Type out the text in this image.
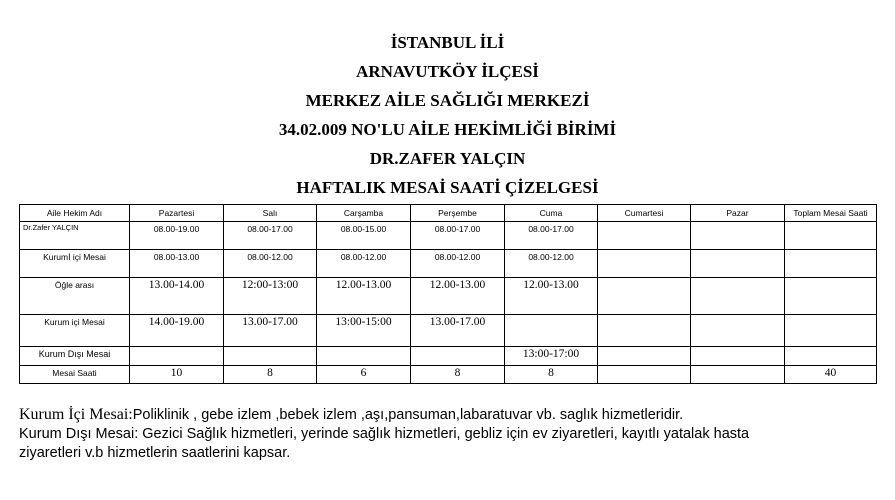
İSTANBUL İLİ
ARNAVUTKÖY İLÇESİ
MERKEZ AİLE SAĞLIĞI MERKEZİ
34.02.009 NO'LU AİLE HEKİMLİĞİ BİRİMİ
DR.ZAFER YALÇIN
HAFTALIK MESAİ SAATİ ÇİZELGESİ
Aile Hekim Adı	Pazartesi	Salı	Carşamba	Perşembe	Cuma	Cumartesi	Pazar	Toplam Mesai Saati
Dr.Zafer YALÇIN	08.00-19.00	08.00-17.00	08.00-15.00	08.00-17.00	08.00-17.00			
Kurumİ içi Mesai	08.00-13.00	08.00-12.00	08.00-12.00	08.00-12.00	08.00-12.00			
Öğle arası	13.00-14.00	12:00-13:00	12.00-13.00	12.00-13.00	12.00-13.00			
Kurum içi Mesai	14.00-19.00	13.00-17.00	13:00-15:00	13.00-17.00				
Kurum Dışı Mesai					13:00-17:00			
Mesai Saati	10	8	6	8	8			40
Kurum İçi Mesai:Poliklinik , gebe izlem ,bebek izlem ,aşı,pansuman,labaratuvar vb. saglık hizmetleridir.
Kurum Dışı Mesai: Gezici Sağlık hizmetleri, yerinde sağlık hizmetleri, gebliz için ev ziyaretleri, kayıtlı yatalak hasta
ziyaretleri v.b hizmetlerin saatlerini kapsar.
